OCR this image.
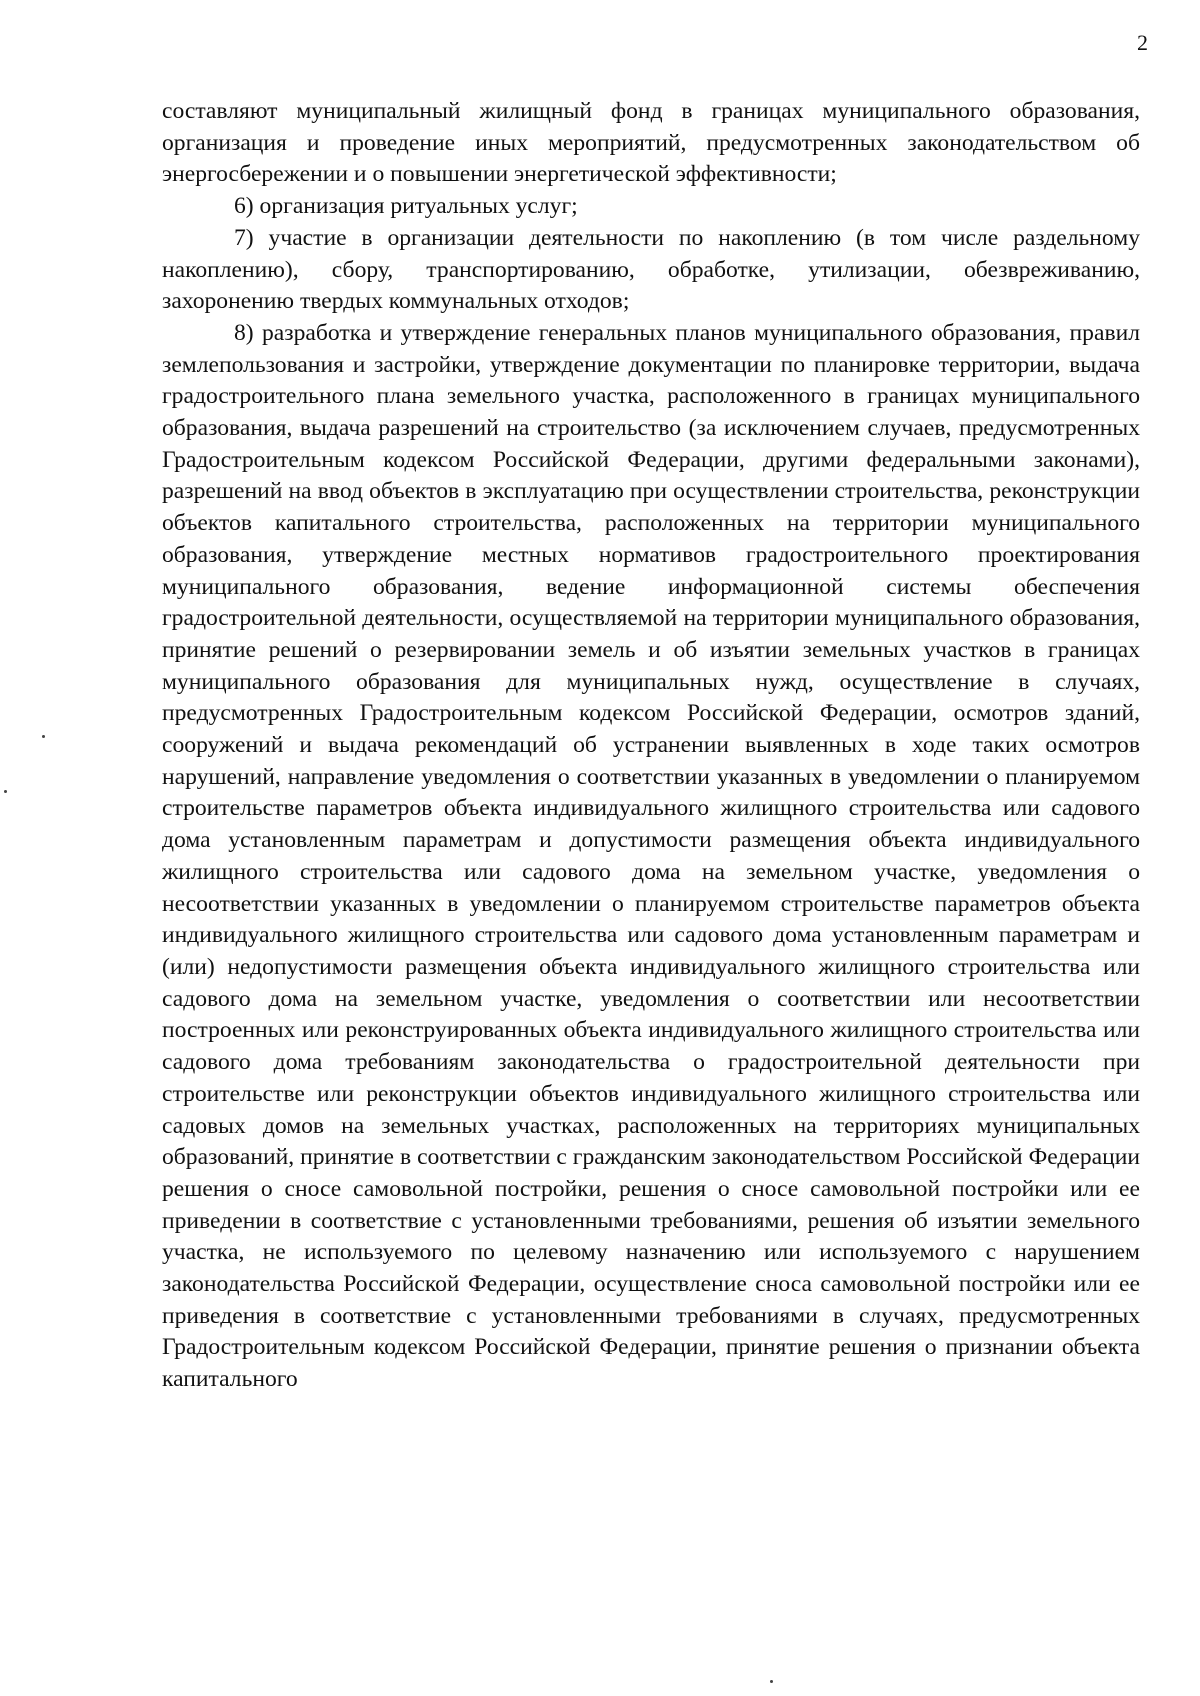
2

составляют муниципальный жилищный фонд в границах муниципального образования, организация и проведение иных мероприятий, предусмотренных законодательством об энергосбережении и о повышении энергетической эффективности;

6) организация ритуальных услуг;

7) участие в организации деятельности по накоплению (в том числе раздельному накоплению), сбору, транспортированию, обработке, утилизации, обезвреживанию, захоронению твердых коммунальных отходов;

8) разработка и утверждение генеральных планов муниципального образования, правил землепользования и застройки, утверждение документации по планировке территории, выдача градостроительного плана земельного участка, расположенного в границах муниципального образования, выдача разрешений на строительство (за исключением случаев, предусмотренных Градостроительным кодексом Российской Федерации, другими федеральными законами), разрешений на ввод объектов в эксплуатацию при осуществлении строительства, реконструкции объектов капитального строительства, расположенных на территории муниципального образования, утверждение местных нормативов градостроительного проектирования муниципального образования, ведение информационной системы обеспечения градостроительной деятельности, осуществляемой на территории муниципального образования, принятие решений о резервировании земель и об изъятии земельных участков в границах муниципального образования для муниципальных нужд, осуществление в случаях, предусмотренных Градостроительным кодексом Российской Федерации, осмотров зданий, сооружений и выдача рекомендаций об устранении выявленных в ходе таких осмотров нарушений, направление уведомления о соответствии указанных в уведомлении о планируемом строительстве параметров объекта индивидуального жилищного строительства или садового дома установленным параметрам и допустимости размещения объекта индивидуального жилищного строительства или садового дома на земельном участке, уведомления о несоответствии указанных в уведомлении о планируемом строительстве параметров объекта индивидуального жилищного строительства или садового дома установленным параметрам и (или) недопустимости размещения объекта индивидуального жилищного строительства или садового дома на земельном участке, уведомления о соответствии или несоответствии построенных или реконструированных объекта индивидуального жилищного строительства или садового дома требованиям законодательства о градостроительной деятельности при строительстве или реконструкции объектов индивидуального жилищного строительства или садовых домов на земельных участках, расположенных на территориях муниципальных образований, принятие в соответствии с гражданским законодательством Российской Федерации решения о сносе самовольной постройки, решения о сносе самовольной постройки или ее приведении в соответствие с установленными требованиями, решения об изъятии земельного участка, не используемого по целевому назначению или используемого с нарушением законодательства Российской Федерации, осуществление сноса самовольной постройки или ее приведения в соответствие с установленными требованиями в случаях, предусмотренных Градостроительным кодексом Российской Федерации, принятие решения о признании объекта капитального
